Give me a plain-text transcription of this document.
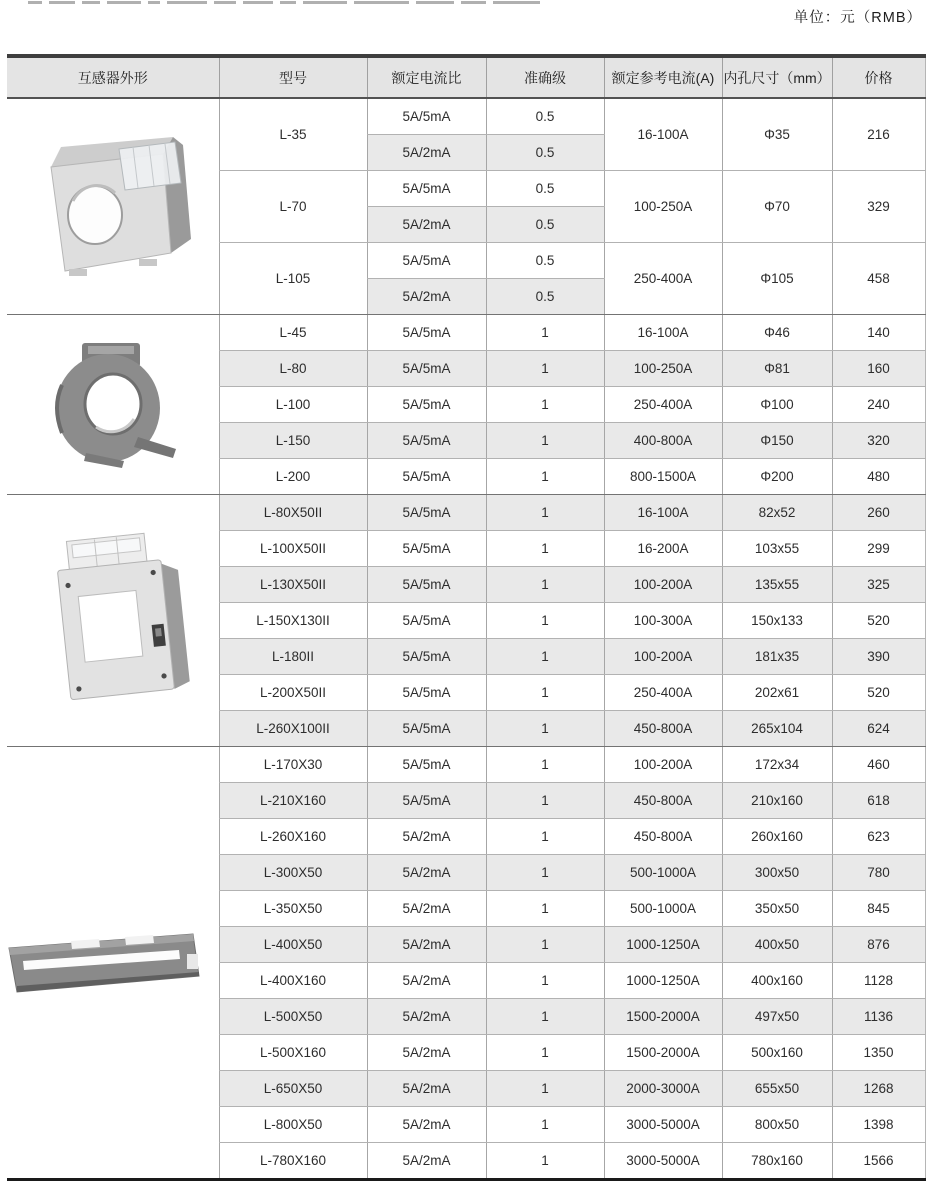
单位：元（RMB）
互感器外形	型号	额定电流比	准确级	额定参考电流(A)	内孔尺寸（mm）	价格

	L-35	5A/5mA	0.5	16-100A	Φ35	216
		5A/2mA	0.5			
	L-70	5A/5mA	0.5	100-250A	Φ70	329
		5A/2mA	0.5			
	L-105	5A/5mA	0.5	250-400A	Φ105	458
		5A/2mA	0.5			

	L-45	5A/5mA	1	16-100A	Φ46	140
	L-80	5A/5mA	1	100-250A	Φ81	160
	L-100	5A/5mA	1	250-400A	Φ100	240
	L-150	5A/5mA	1	400-800A	Φ150	320
	L-200	5A/5mA	1	800-1500A	Φ200	480

	L-80X50II	5A/5mA	1	16-100A	82x52	260
	L-100X50II	5A/5mA	1	16-200A	103x55	299
	L-130X50II	5A/5mA	1	100-200A	135x55	325
	L-150X130II	5A/5mA	1	100-300A	150x133	520
	L-180II	5A/5mA	1	100-200A	181x35	390
	L-200X50II	5A/5mA	1	250-400A	202x61	520
	L-260X100II	5A/5mA	1	450-800A	265x104	624

	L-170X30	5A/5mA	1	100-200A	172x34	460
	L-210X160	5A/5mA	1	450-800A	210x160	618
	L-260X160	5A/2mA	1	450-800A	260x160	623
	L-300X50	5A/2mA	1	500-1000A	300x50	780
	L-350X50	5A/2mA	1	500-1000A	350x50	845
	L-400X50	5A/2mA	1	1000-1250A	400x50	876
	L-400X160	5A/2mA	1	1000-1250A	400x160	1128
	L-500X50	5A/2mA	1	1500-2000A	497x50	1136
	L-500X160	5A/2mA	1	1500-2000A	500x160	1350
	L-650X50	5A/2mA	1	2000-3000A	655x50	1268
	L-800X50	5A/2mA	1	3000-5000A	800x50	1398
	L-780X160	5A/2mA	1	3000-5000A	780x160	1566
